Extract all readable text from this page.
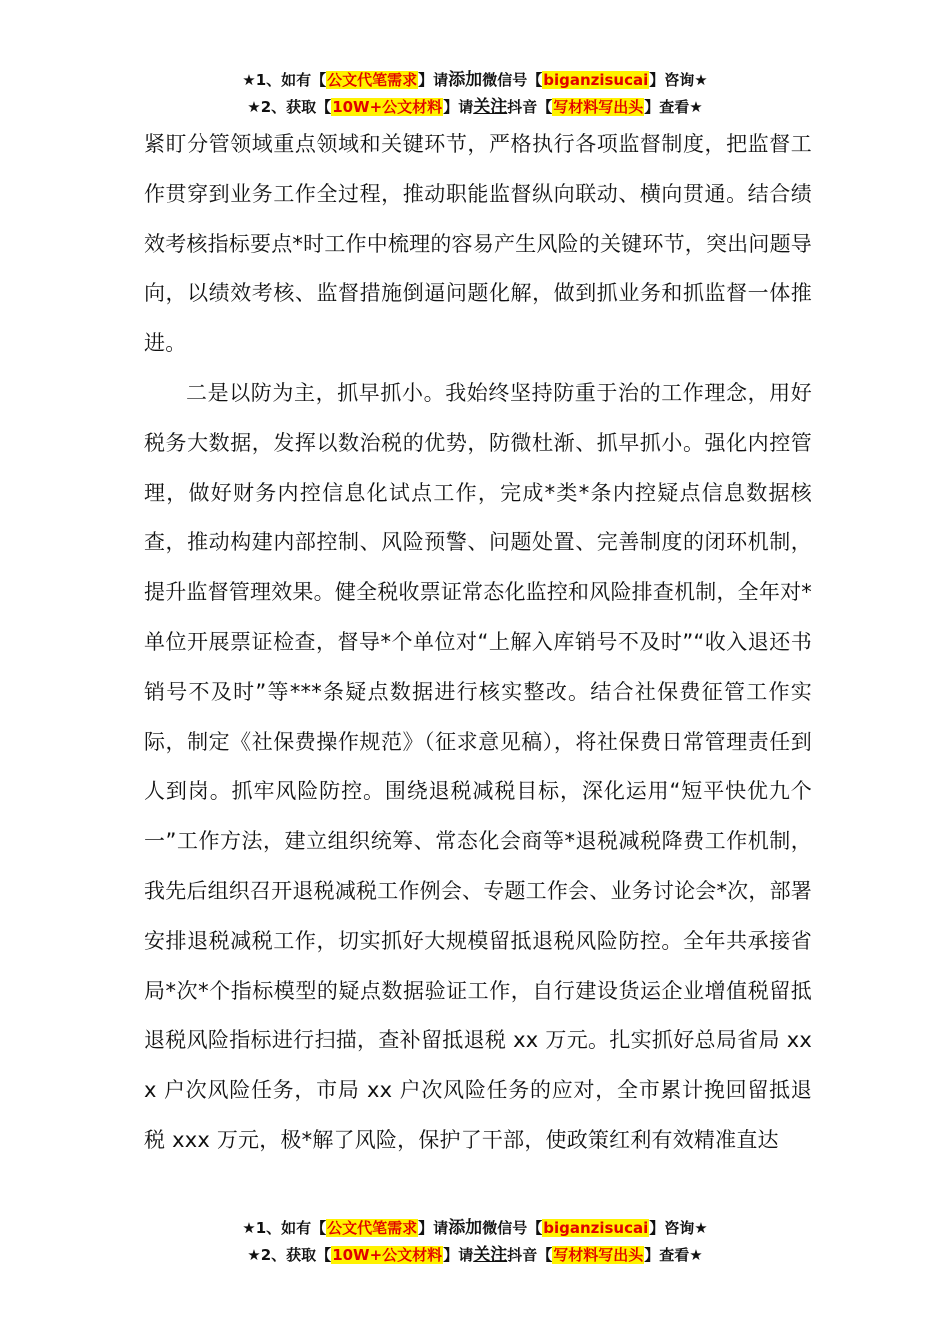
★1、如有【公文代笔需求】请添加微信号【biganzisucai】咨询★
★2、获取【10W+公文材料】请关注抖音【写材料写出头】查看★

紧盯分管领域重点领域和关键环节，严格执行各项监督制度，把监督工作贯穿到业务工作全过程，推动职能监督纵向联动、横向贯通。结合绩效考核指标要点*时工作中梳理的容易产生风险的关键环节，突出问题导向，以绩效考核、监督措施倒逼问题化解，做到抓业务和抓监督一体推进。

二是以防为主，抓早抓小。我始终坚持防重于治的工作理念，用好税务大数据，发挥以数治税的优势，防微杜渐、抓早抓小。强化内控管理，做好财务内控信息化试点工作，完成*类*条内控疑点信息数据核查，推动构建内部控制、风险预警、问题处置、完善制度的闭环机制，提升监督管理效果。健全税收票证常态化监控和风险排查机制，全年对*单位开展票证检查，督导*个单位对“上解入库销号不及时”“收入退还书销号不及时”等***条疑点数据进行核实整改。结合社保费征管工作实际，制定《社保费操作规范》（征求意见稿），将社保费日常管理责任到人到岗。抓牢风险防控。围绕退税减税目标，深化运用“短平快优九个一”工作方法，建立组织统筹、常态化会商等*退税减税降费工作机制，我先后组织召开退税减税工作例会、专题工作会、业务讨论会*次，部署安排退税减税工作，切实抓好大规模留抵退税风险防控。全年共承接省局*次*个指标模型的疑点数据验证工作，自行建设货运企业增值税留抵退税风险指标进行扫描，查补留抵退税 xx 万元。扎实抓好总局省局 xxx 户次风险任务，市局 xx 户次风险任务的应对，全市累计挽回留抵退税 xxx 万元，极*解了风险，保护了干部，使政策红利有效精准直达

★1、如有【公文代笔需求】请添加微信号【biganzisucai】咨询★
★2、获取【10W+公文材料】请关注抖音【写材料写出头】查看★
